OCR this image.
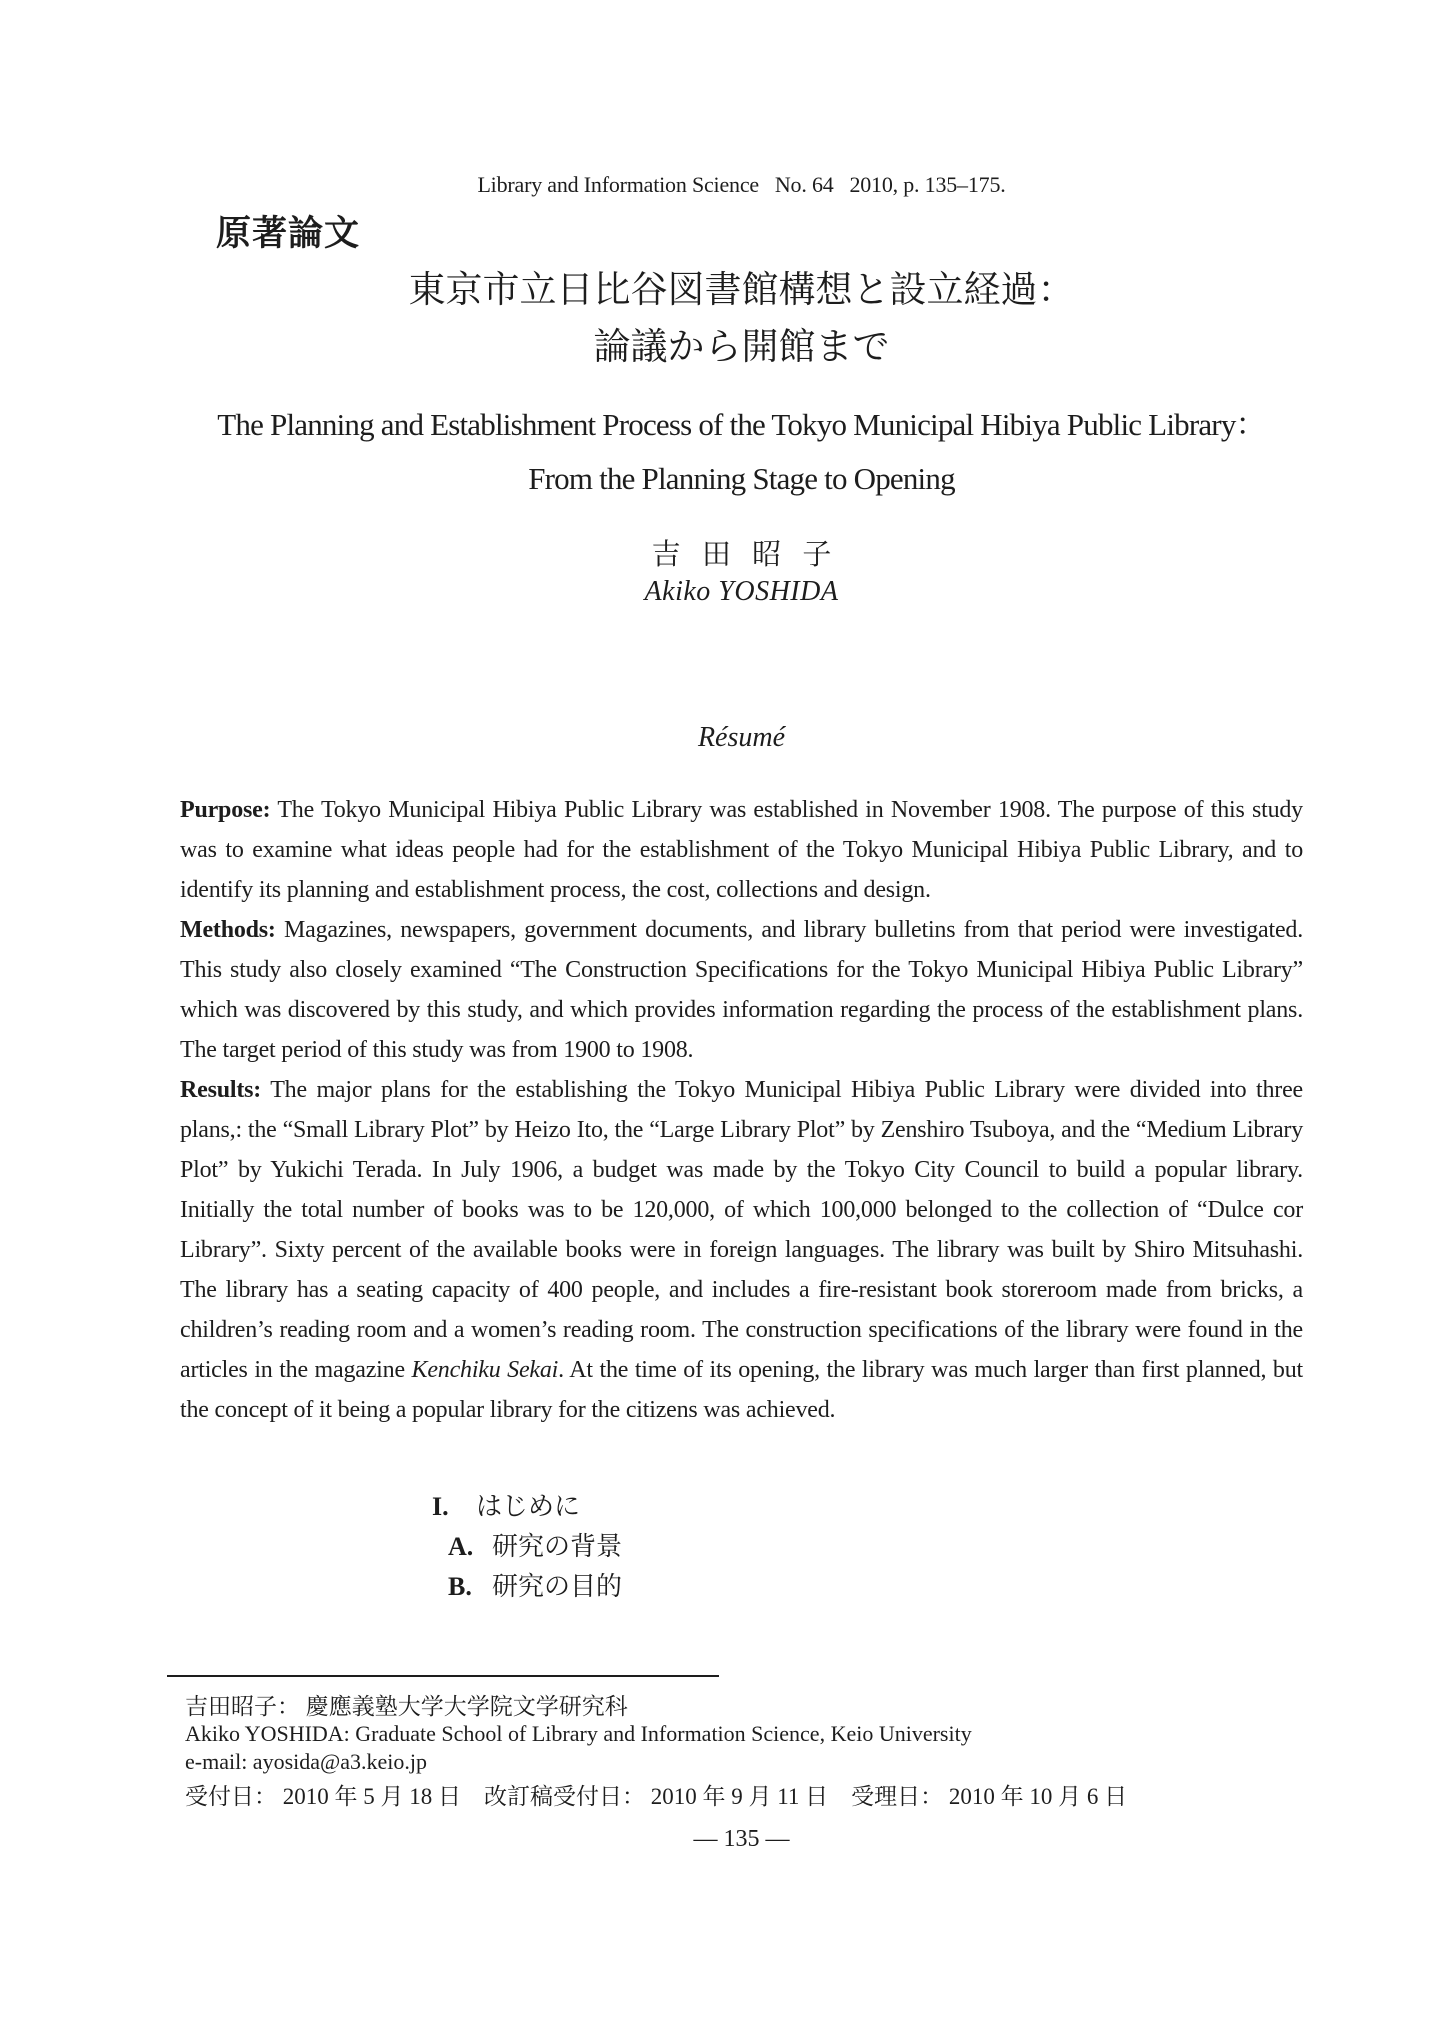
Library and Information Science   No. 64   2010, p. 135–175.
原著論文
東京市立日比谷図書館構想と設立経過：
論議から開館まで
The Planning and Establishment Process of the Tokyo Municipal Hibiya Public Library：
From the Planning Stage to Opening
吉 田 昭 子
Akiko YOSHIDA
Résumé

Purpose: The Tokyo Municipal Hibiya Public Library was established in November 1908. The purpose of this study was to examine what ideas people had for the establishment of the Tokyo Municipal Hibiya Public Library, and to identify its planning and establishment process, the cost, collections and design.

Methods: Magazines, newspapers, government documents, and library bulletins from that period were investigated. This study also closely examined “The Construction Specifications for the Tokyo Municipal Hibiya Public Library” which was discovered by this study, and which provides information regarding the process of the establishment plans. The target period of this study was from 1900 to 1908.

Results: The major plans for the establishing the Tokyo Municipal Hibiya Public Library were divided into three plans,: the “Small Library Plot” by Heizo Ito, the “Large Library Plot” by Zenshiro Tsuboya, and the “Medium Library Plot” by Yukichi Terada. In July 1906, a budget was made by the Tokyo City Council to build a popular library. Initially the total number of books was to be 120,000, of which 100,000 belonged to the collection of “Dulce cor Library”. Sixty percent of the available books were in foreign languages. The library was built by Shiro Mitsuhashi. The library has a seating capacity of 400 people, and includes a fire-resistant book storeroom made from bricks, a children’s reading room and a women’s reading room. The construction specifications of the library were found in the articles in the magazine Kenchiku Sekai. At the time of its opening, the library was much larger than first planned, but the concept of it being a popular library for the citizens was achieved.

I.	はじめに
A. 研究の背景
B. 研究の目的
吉田昭子： 慶應義塾大学大学院文学研究科
Akiko YOSHIDA: Graduate School of Library and Information Science, Keio University
e-mail: ayosida@a3.keio.jp
受付日： 2010 年 5 月 18 日　改訂稿受付日： 2010 年 9 月 11 日　受理日： 2010 年 10 月 6 日
— 135 —
